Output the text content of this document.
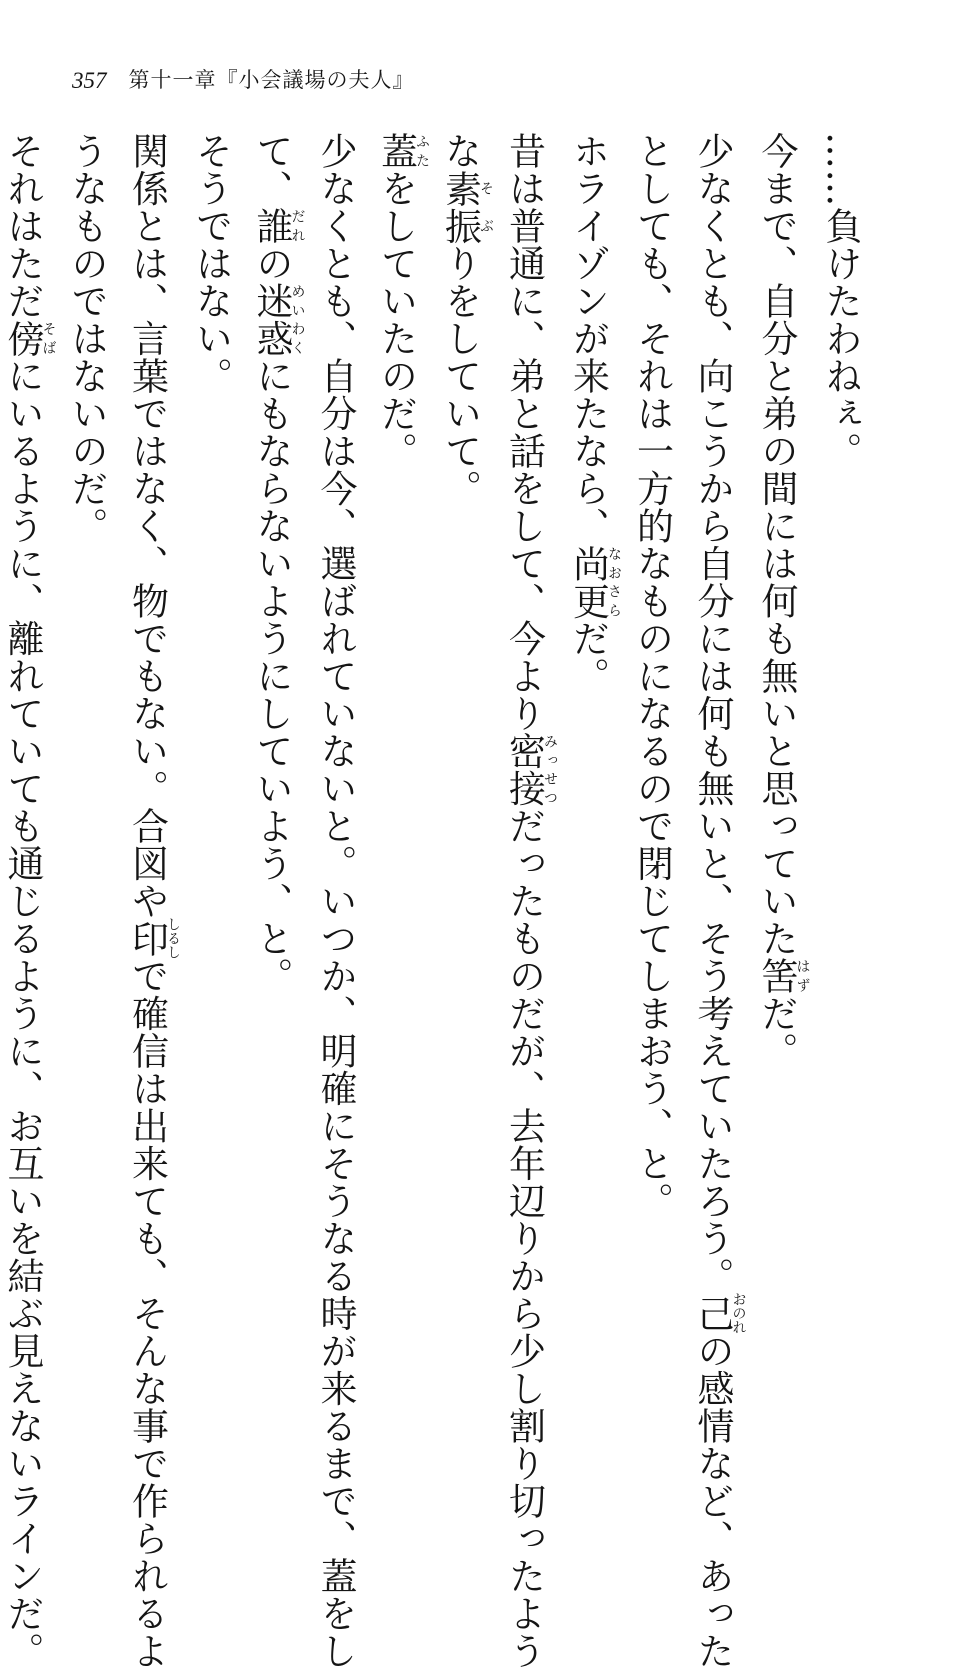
357 第十一章『小会議場の夫人』
……負けたわねぇ。
今まで、自分と弟の間には何も無いと思っていた筈はずだ。
少なくとも、向こうから自分には何も無いと、そう考えていたろう。己おのれの感情など、あった
としても、それは一方的なものになるので閉じてしまおう、と。
ホライゾンが来たなら、尚更なおさらだ。
昔は普通に、弟と話をして、今より密接みっせつだったものだが、去年辺りから少し割り切ったよう
な素振そぶりをしていて。
蓋ふたをしていたのだ。
少なくとも、自分は今、選ばれていないと。いつか、明確にそうなる時が来るまで、蓋をし
て、誰だれの迷惑めいわくにもならないようにしていよう、と。
そうではない。
関係とは、言葉ではなく、物でもない。合図や印しるしで確信は出来ても、そんな事で作られるよ
うなものではないのだ。
それはただ傍そばにいるように、離れていても通じるように、お互いを結ぶ見えないラインだ。
